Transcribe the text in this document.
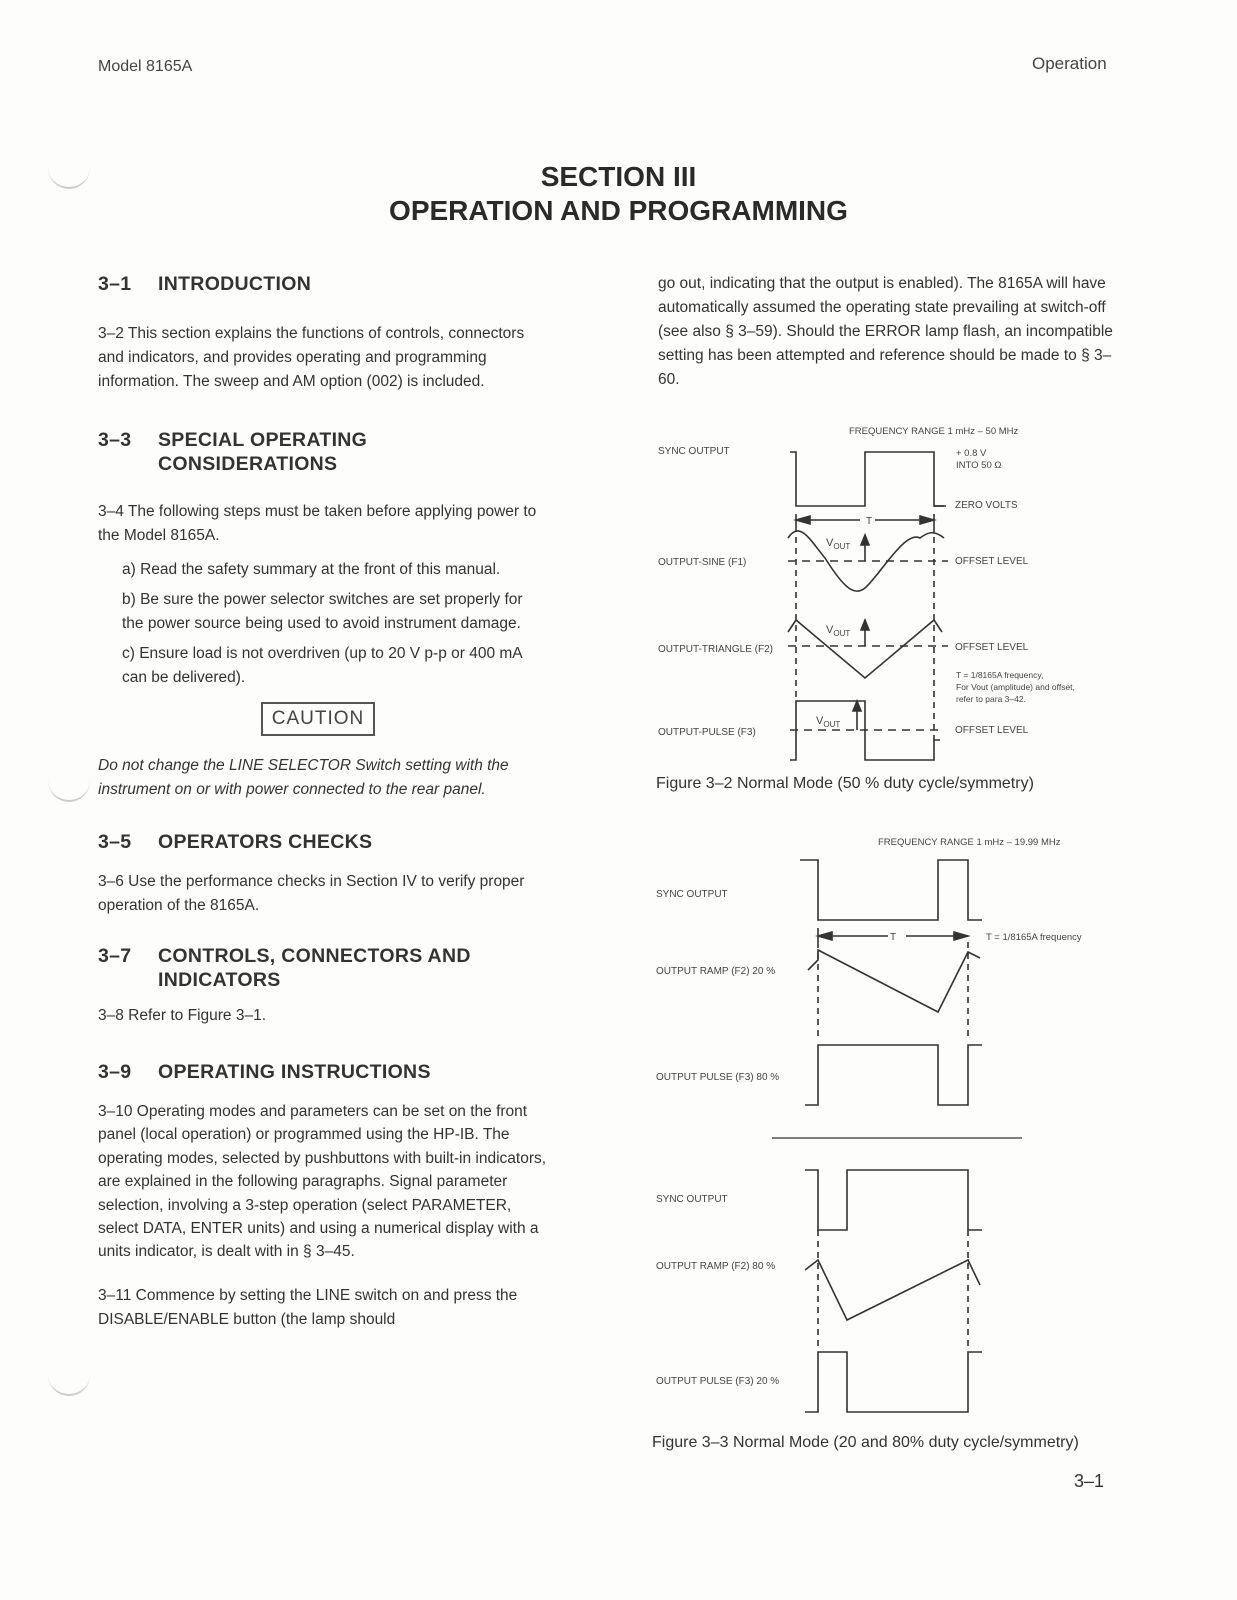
Model 8165A	Operation
SECTION III
OPERATION AND PROGRAMMING
3–1 INTRODUCTION
3–2 This section explains the functions of controls, connectors and indicators, and provides operating and programming information. The sweep and AM option (002) is included.
3–3 SPECIAL OPERATING
CONSIDERATIONS
3–4 The following steps must be taken before applying power to the Model 8165A.
a) Read the safety summary at the front of this manual.
b) Be sure the power selector switches are set properly for the power source being used to avoid instrument damage.
c) Ensure load is not overdriven (up to 20 V p-p or 400 mA can be delivered).
CAUTION
Do not change the LINE SELECTOR Switch setting with the instrument on or with power connected to the rear panel.
3–5 OPERATORS CHECKS
3–6 Use the performance checks in Section IV to verify proper operation of the 8165A.
3–7 CONTROLS, CONNECTORS AND
INDICATORS
3–8 Refer to Figure 3–1.
3–9 OPERATING INSTRUCTIONS
3–10 Operating modes and parameters can be set on the front panel (local operation) or programmed using the HP-IB. The operating modes, selected by pushbuttons with built-in indicators, are explained in the following paragraphs. Signal parameter selection, involving a 3-step operation (select PARAMETER, select DATA, ENTER units) and using a numerical display with a units indicator, is dealt with in § 3–45.
3–11 Commence by setting the LINE switch on and press the DISABLE/ENABLE button (the lamp should
go out, indicating that the output is enabled). The 8165A will have automatically assumed the operating state prevailing at switch-off (see also § 3–59). Should the ERROR lamp flash, an incompatible setting has been attempted and reference should be made to § 3–60.
FREQUENCY RANGE 1 mHz – 50 MHz
SYNC OUTPUT	+ 0.8 V
INTO 50 Ω
ZERO VOLTS
T
$V_{OUT}$
OUTPUT-SINE (F1)	OFFSET LEVEL
$V_{OUT}$
OUTPUT-TRIANGLE (F2)	OFFSET LEVEL
T = 1/8165A frequency,
For Vout (amplitude) and offset,
refer to para 3–42.
$V_{OUT}$
OUTPUT-PULSE (F3)	OFFSET LEVEL
Figure 3–2 Normal Mode (50 % duty cycle/symmetry)
FREQUENCY RANGE 1 mHz – 19.99 MHz
SYNC OUTPUT
T	T = 1/8165A frequency
OUTPUT RAMP (F2) 20 %
OUTPUT PULSE (F3) 80 %
SYNC OUTPUT
OUTPUT RAMP (F2) 80 %
OUTPUT PULSE (F3) 20 %
Figure 3–3 Normal Mode (20 and 80% duty cycle/symmetry)
3–1
